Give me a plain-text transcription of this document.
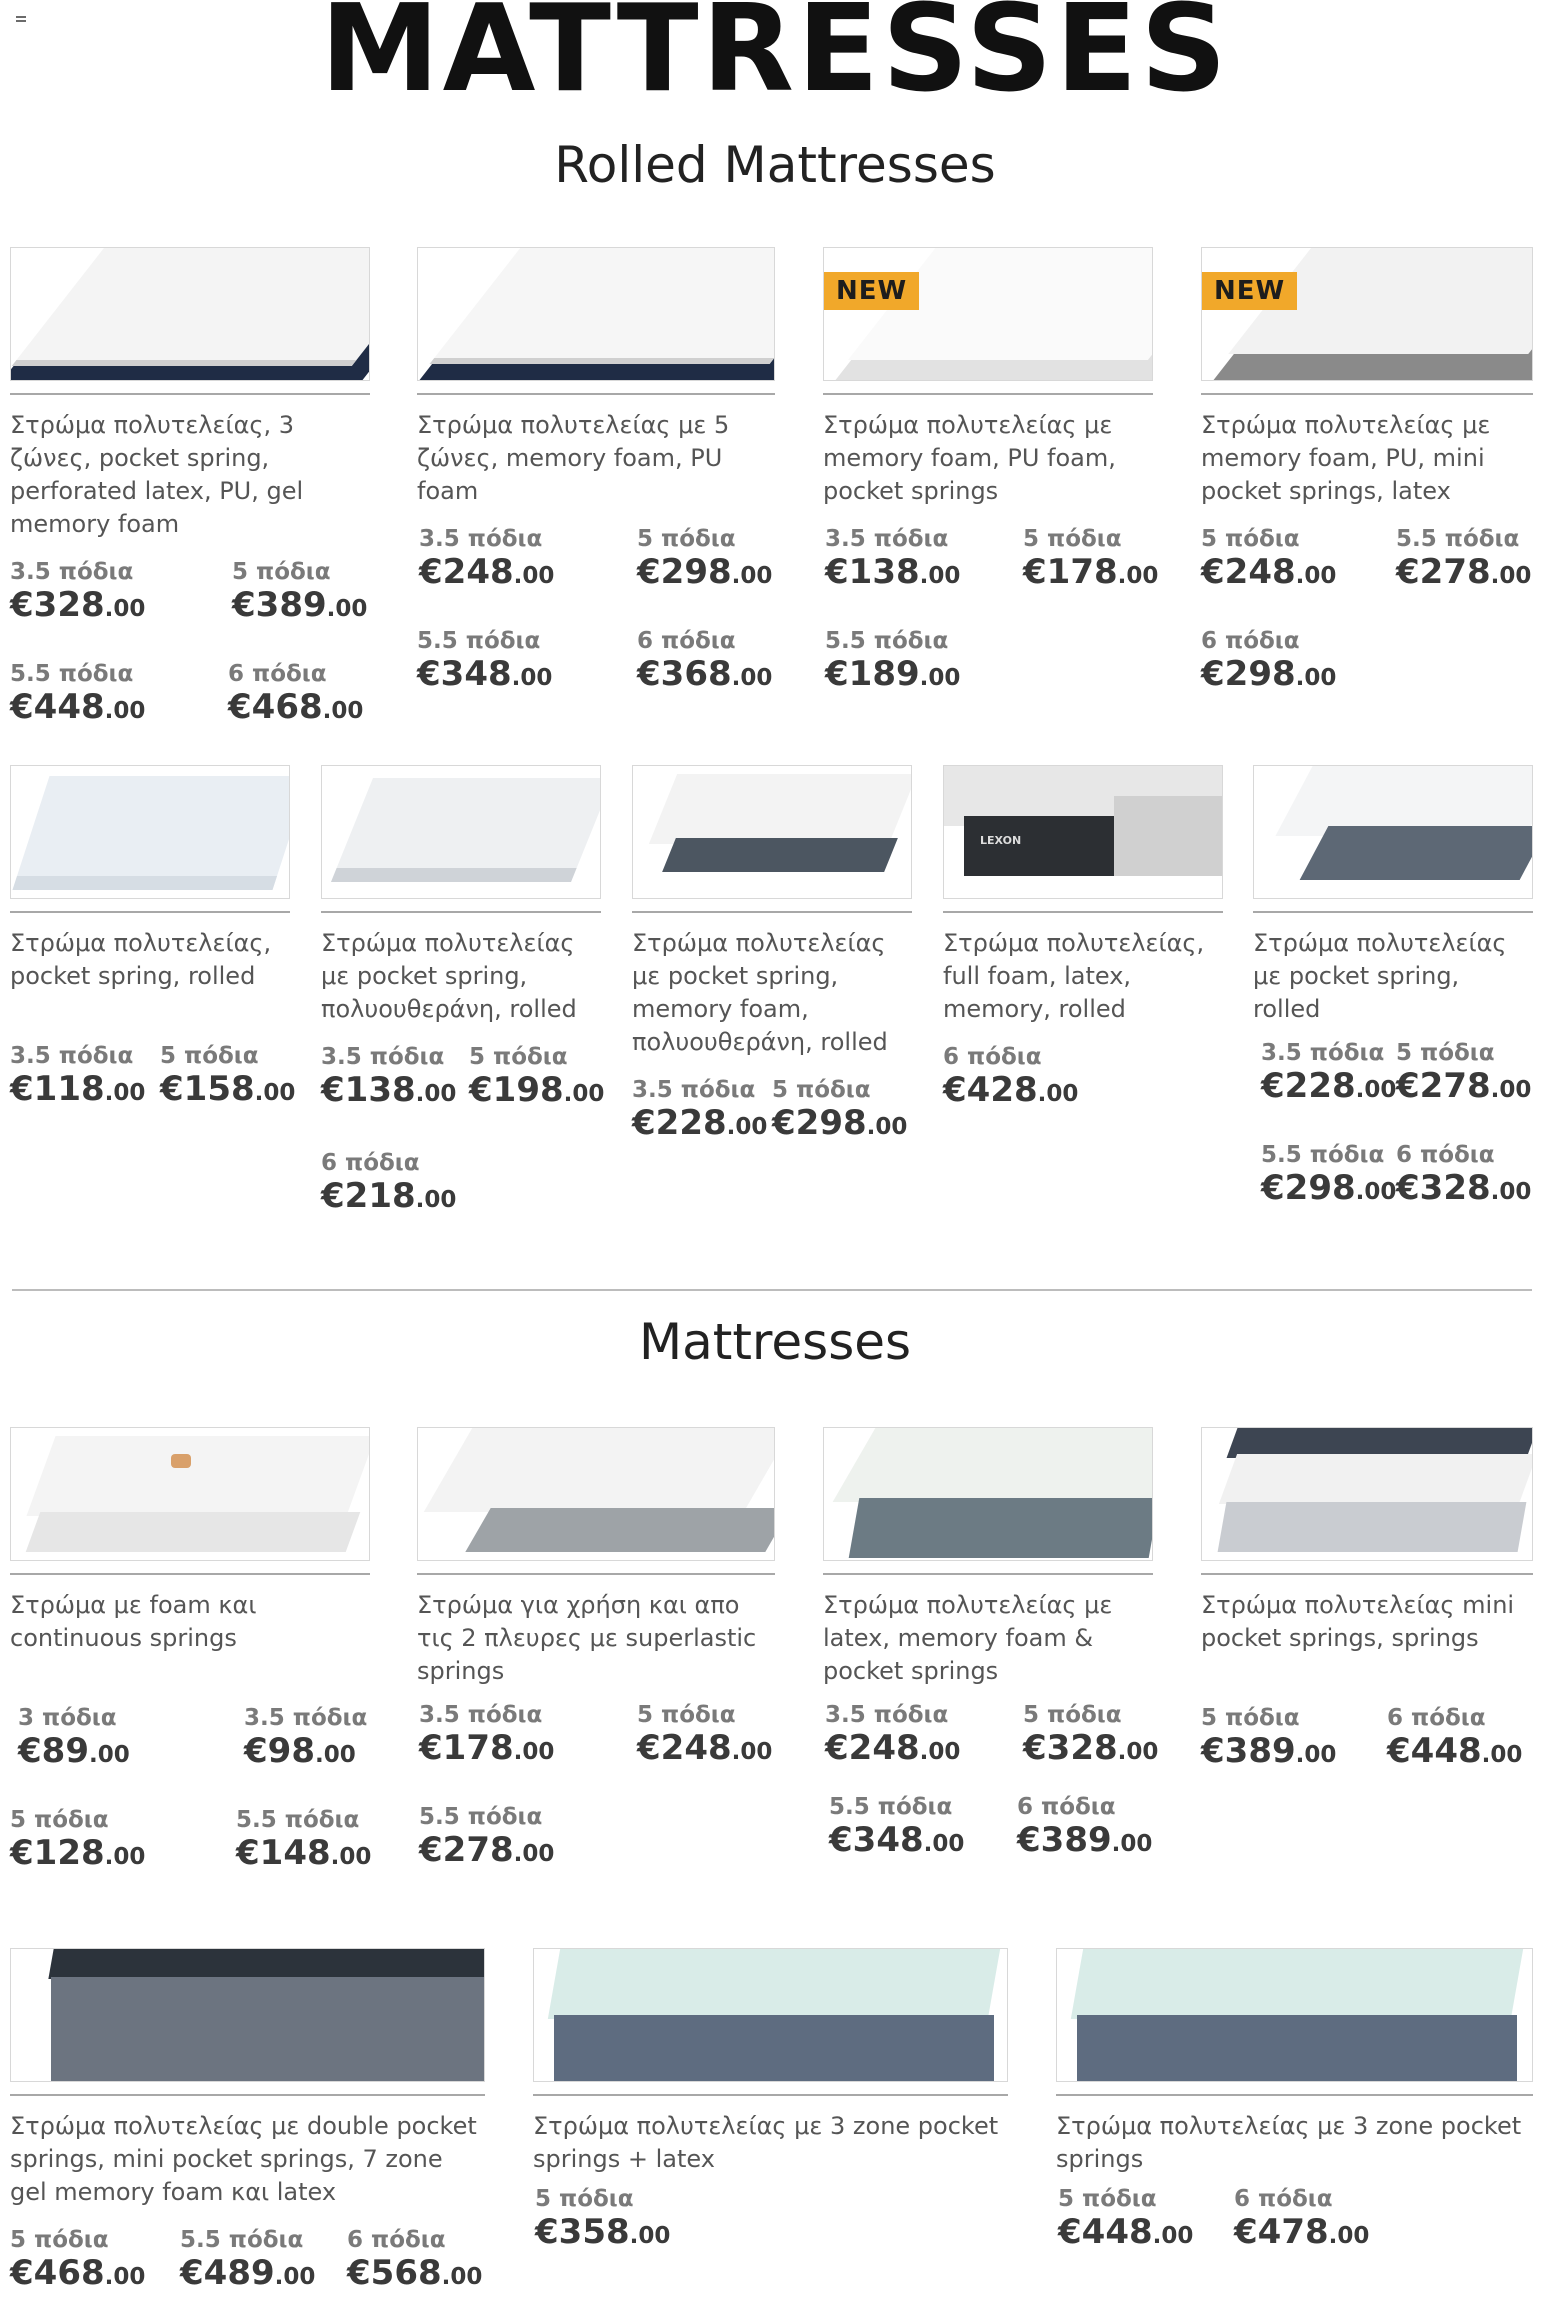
MATTRESSES
Rolled Mattresses
Στρώμα πολυτελείας, 3 ζώνες, pocket spring, perforated latex, PU, gel memory foam
3.5 πόδια
€328.00
5 πόδια
€389.00
5.5 πόδια
€448.00
6 πόδια
€468.00
Στρώμα πολυτελείας με 5 ζώνες, memory foam, PU foam
3.5 πόδια
€248.00
5 πόδια
€298.00
5.5 πόδια
€348.00
6 πόδια
€368.00
NEW
Στρώμα πολυτελείας με memory foam, PU foam, pocket springs
3.5 πόδια
€138.00
5 πόδια
€178.00
5.5 πόδια
€189.00
NEW
Στρώμα πολυτελείας με memory foam, PU, mini pocket springs, latex
5 πόδια
€248.00
5.5 πόδια
€278.00
6 πόδια
€298.00
Στρώμα πολυτελείας, pocket spring, rolled
3.5 πόδια
€118.00
5 πόδια
€158.00
Στρώμα πολυτελείας με pocket spring, πολυουθεράνη, rolled
3.5 πόδια
€138.00
5 πόδια
€198.00
6 πόδια
€218.00
Στρώμα πολυτελείας με pocket spring, memory foam, πολυουθεράνη, rolled
3.5 πόδια
€228.00
5 πόδια
€298.00
LEXON
Στρώμα πολυτελείας, full foam, latex, memory, rolled
6 πόδια
€428.00
Στρώμα πολυτελείας με pocket spring, rolled
3.5 πόδια
€228.00
5 πόδια
€278.00
5.5 πόδια
€298.00
6 πόδια
€328.00
Mattresses
Στρώμα με foam και continuous springs
3 πόδια
€89.00
3.5 πόδια
€98.00
5 πόδια
€128.00
5.5 πόδια
€148.00
Στρώμα για χρήση και απο τις 2 πλευρες με superlastic springs
3.5 πόδια
€178.00
5 πόδια
€248.00
5.5 πόδια
€278.00
Στρώμα πολυτελείας με latex, memory foam & pocket springs
3.5 πόδια
€248.00
5 πόδια
€328.00
5.5 πόδια
€348.00
6 πόδια
€389.00
Στρώμα πολυτελείας mini pocket springs, springs
5 πόδια
€389.00
6 πόδια
€448.00
Στρώμα πολυτελείας με double pocket springs, mini pocket springs, 7 zone gel memory foam και latex
5 πόδια
€468.00
5.5 πόδια
€489.00
6 πόδια
€568.00
Στρώμα πολυτελείας με 3 zone pocket springs + latex
5 πόδια
€358.00
Στρώμα πολυτελείας με 3 zone pocket springs
5 πόδια
€448.00
6 πόδια
€478.00
